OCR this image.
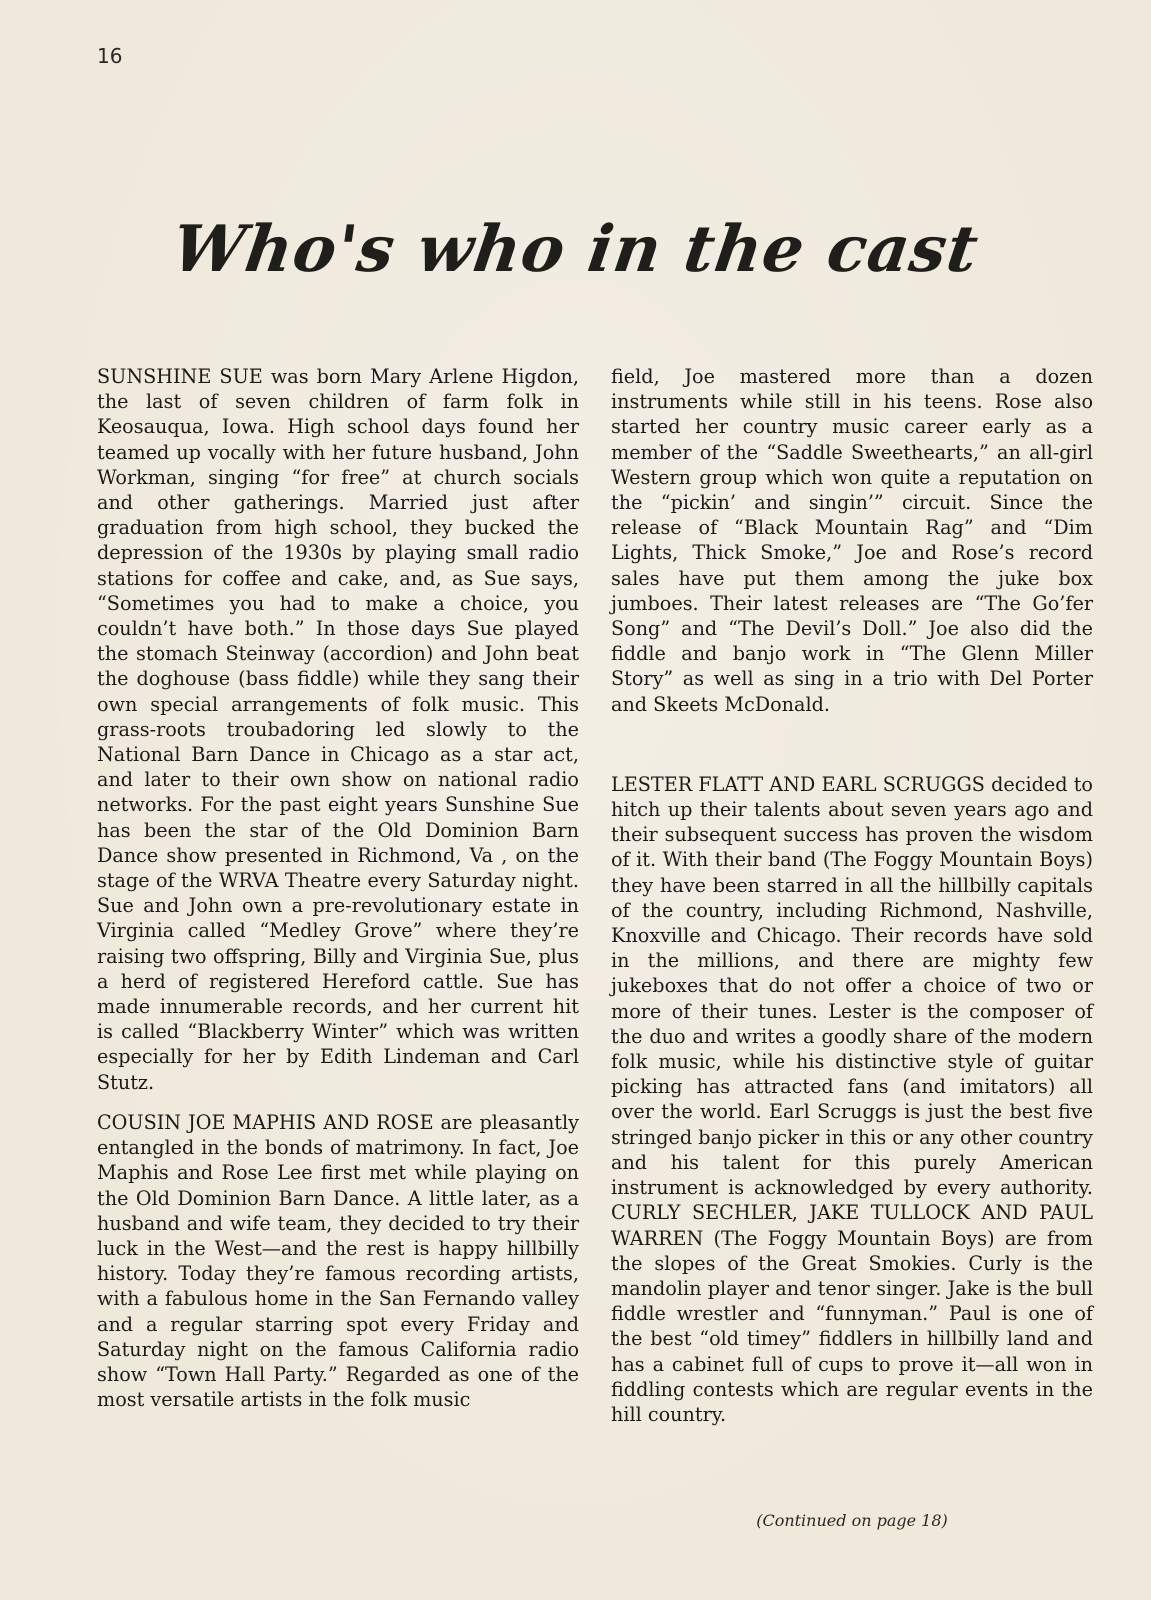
16
Who's who in the cast

SUNSHINE SUE was born Mary Arlene Higdon, the last of seven children of farm folk in Keosauqua, Iowa. High school days found her teamed up vocally with her future husband, John Workman, singing “for free” at church socials and other gatherings. Married just after graduation from high school, they bucked the depression of the 1930s by playing small radio stations for coffee and cake, and, as Sue says, “Sometimes you had to make a choice, you couldn’t have both.” In those days Sue played the stomach Steinway (accordion) and John beat the doghouse (bass fiddle) while they sang their own special arrangements of folk music. This grass-roots troubadoring led slowly to the National Barn Dance in Chicago as a star act, and later to their own show on national radio networks. For the past eight years Sunshine Sue has been the star of the Old Dominion Barn Dance show presented in Richmond, Va , on the stage of the WRVA Theatre every Saturday night. Sue and John own a pre-revolutionary estate in Virginia called “Medley Grove” where they’re raising two offspring, Billy and Virginia Sue, plus a herd of registered Hereford cattle. Sue has made innumerable records, and her current hit is called “Blackberry Winter” which was written especially for her by Edith Lindeman and Carl Stutz.

COUSIN JOE MAPHIS AND ROSE are pleasantly entangled in the bonds of matrimony. In fact, Joe Maphis and Rose Lee first met while playing on the Old Dominion Barn Dance. A little later, as a husband and wife team, they decided to try their luck in the West—and the rest is happy hillbilly history. Today they’re famous recording artists, with a fabulous home in the San Fernando valley and a regular starring spot every Friday and Saturday night on the famous California radio show “Town Hall Party.” Regarded as one of the most versatile artists in the folk music

field, Joe mastered more than a dozen instruments while still in his teens. Rose also started her country music career early as a member of the “Saddle Sweethearts,” an all-girl Western group which won quite a reputation on the “pickin’ and singin’” circuit. Since the release of “Black Mountain Rag” and “Dim Lights, Thick Smoke,” Joe and Rose’s record sales have put them among the juke box jumboes. Their latest releases are “The Go’fer Song” and “The Devil’s Doll.” Joe also did the fiddle and banjo work in “The Glenn Miller Story” as well as sing in a trio with Del Porter and Skeets McDonald.

LESTER FLATT AND EARL SCRUGGS decided to hitch up their talents about seven years ago and their subsequent success has proven the wisdom of it. With their band (The Foggy Mountain Boys) they have been starred in all the hillbilly capitals of the country, including Richmond, Nashville, Knoxville and Chicago. Their records have sold in the millions, and there are mighty few jukeboxes that do not offer a choice of two or more of their tunes. Lester is the composer of the duo and writes a goodly share of the modern folk music, while his distinctive style of guitar picking has attracted fans (and imitators) all over the world. Earl Scruggs is just the best five stringed banjo picker in this or any other country and his talent for this purely American instrument is acknowledged by every authority. CURLY SECHLER, JAKE TULLOCK AND PAUL WARREN (The Foggy Mountain Boys) are from the slopes of the Great Smokies. Curly is the mandolin player and tenor singer. Jake is the bull fiddle wrestler and “funnyman.” Paul is one of the best “old timey” fiddlers in hillbilly land and has a cabinet full of cups to prove it—all won in fiddling contests which are regular events in the hill country.

(Continued on page 18)
